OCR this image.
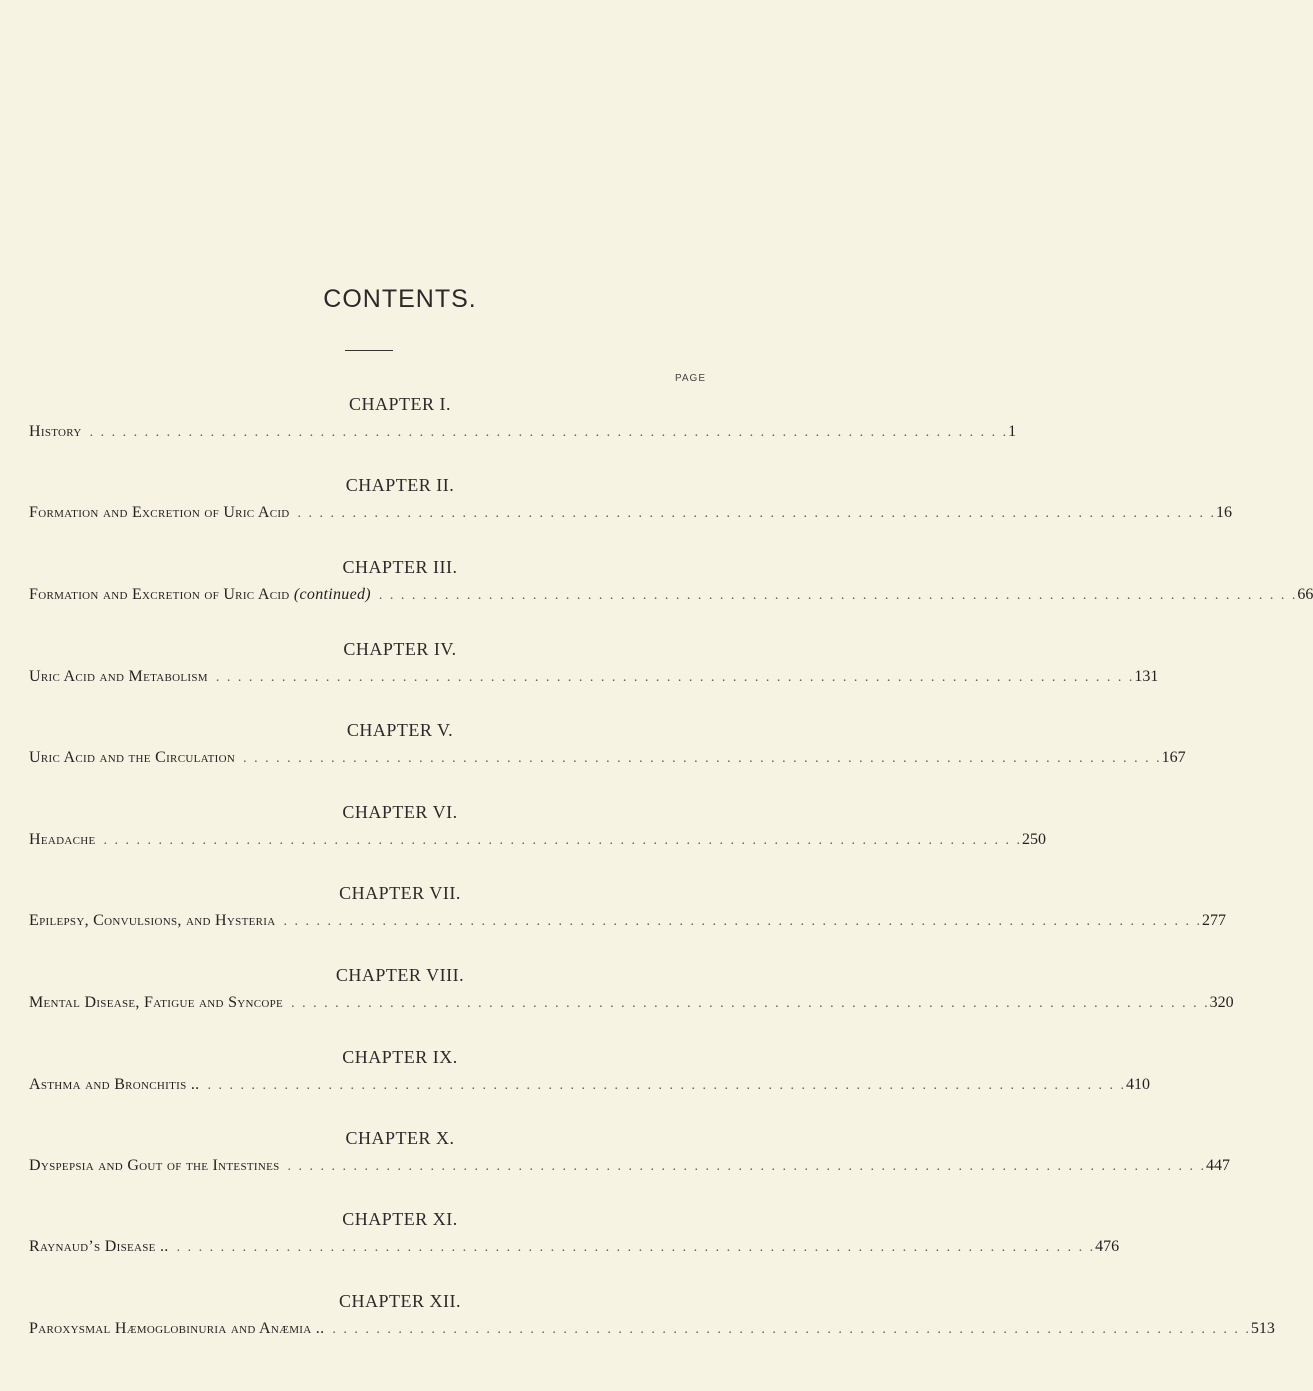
CONTENTS.
PAGE
CHAPTER I.
History . . . . . . . . . . . . . . . . . . . . . . . . . . . . . . . . . . . . . . . . . . . . . . . . . . . . . . . . . . . . . . . . . . . . . . . . . . . . . . . . . . . . 1
CHAPTER II.
Formation and Excretion of Uric Acid . . . . . . . . . . . . . . . . . . . . . . . . . . . . . . . . . . . . . . . . . . . . . . . . . . . . . . . . . . . . . . . . . . . . . . . . . . . . . . . . . . . . 16
CHAPTER III.
Formation and Excretion of Uric Acid (continued) . . . . . . . . . . . . . . . . . . . . . . . . . . . . . . . . . . . . . . . . . . . . . . . . . . . . . . . . . . . . . . . . . . . . . . . . . . . . . . . . . . . . 66
CHAPTER IV.
Uric Acid and Metabolism . . . . . . . . . . . . . . . . . . . . . . . . . . . . . . . . . . . . . . . . . . . . . . . . . . . . . . . . . . . . . . . . . . . . . . . . . . . . . . . . . . . . 131
CHAPTER V.
Uric Acid and the Circulation . . . . . . . . . . . . . . . . . . . . . . . . . . . . . . . . . . . . . . . . . . . . . . . . . . . . . . . . . . . . . . . . . . . . . . . . . . . . . . . . . . . . 167
CHAPTER VI.
Headache . . . . . . . . . . . . . . . . . . . . . . . . . . . . . . . . . . . . . . . . . . . . . . . . . . . . . . . . . . . . . . . . . . . . . . . . . . . . . . . . . . . . 250
CHAPTER VII.
Epilepsy, Convulsions, and Hysteria . . . . . . . . . . . . . . . . . . . . . . . . . . . . . . . . . . . . . . . . . . . . . . . . . . . . . . . . . . . . . . . . . . . . . . . . . . . . . . . . . . . . 277
CHAPTER VIII.
Mental Disease, Fatigue and Syncope . . . . . . . . . . . . . . . . . . . . . . . . . . . . . . . . . . . . . . . . . . . . . . . . . . . . . . . . . . . . . . . . . . . . . . . . . . . . . . . . . . . . 320
CHAPTER IX.
Asthma and Bronchitis .. . . . . . . . . . . . . . . . . . . . . . . . . . . . . . . . . . . . . . . . . . . . . . . . . . . . . . . . . . . . . . . . . . . . . . . . . . . . . . . . . . . . . 410
CHAPTER X.
Dyspepsia and Gout of the Intestines . . . . . . . . . . . . . . . . . . . . . . . . . . . . . . . . . . . . . . . . . . . . . . . . . . . . . . . . . . . . . . . . . . . . . . . . . . . . . . . . . . . . 447
CHAPTER XI.
Raynaud’s Disease .. . . . . . . . . . . . . . . . . . . . . . . . . . . . . . . . . . . . . . . . . . . . . . . . . . . . . . . . . . . . . . . . . . . . . . . . . . . . . . . . . . . . . 476
CHAPTER XII.
Paroxysmal Hæmoglobinuria and Anæmia .. . . . . . . . . . . . . . . . . . . . . . . . . . . . . . . . . . . . . . . . . . . . . . . . . . . . . . . . . . . . . . . . . . . . . . . . . . . . . . . . . . . . . 513
